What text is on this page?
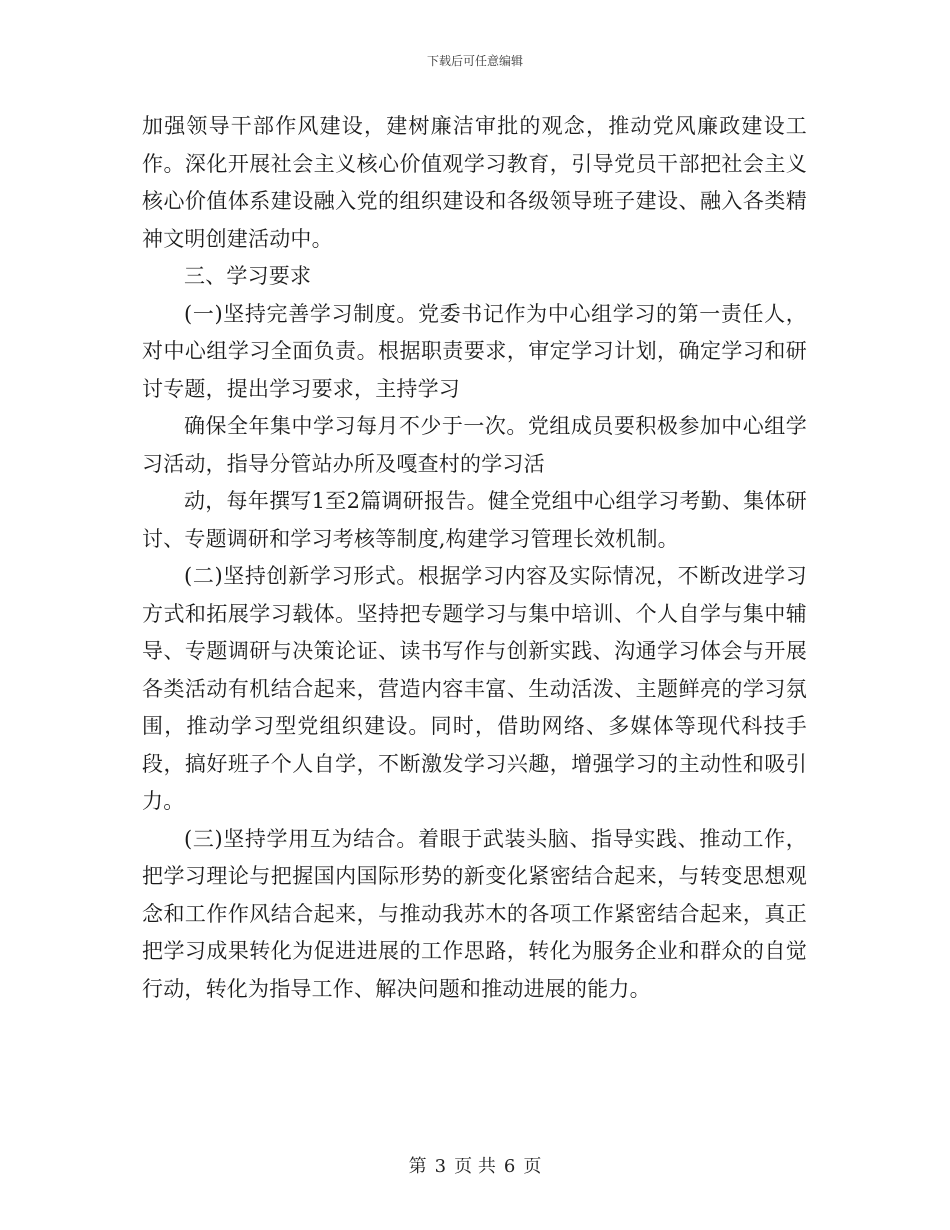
下载后可任意编辑

加强领导干部作风建设，建树廉洁审批的观念，推动党风廉政建设工作。深化开展社会主义核心价值观学习教育，引导党员干部把社会主义核心价值体系建设融入党的组织建设和各级领导班子建设、融入各类精神文明创建活动中。

三、学习要求

(一)坚持完善学习制度。党委书记作为中心组学习的第一责任人，对中心组学习全面负责。根据职责要求，审定学习计划，确定学习和研讨专题，提出学习要求，主持学习

确保全年集中学习每月不少于一次。党组成员要积极参加中心组学习活动，指导分管站办所及嘎查村的学习活

动，每年撰写1至2篇调研报告。健全党组中心组学习考勤、集体研讨、专题调研和学习考核等制度,构建学习管理长效机制。

(二)坚持创新学习形式。根据学习内容及实际情况，不断改进学习方式和拓展学习载体。坚持把专题学习与集中培训、个人自学与集中辅导、专题调研与决策论证、读书写作与创新实践、沟通学习体会与开展各类活动有机结合起来，营造内容丰富、生动活泼、主题鲜亮的学习氛围，推动学习型党组织建设。同时，借助网络、多媒体等现代科技手段，搞好班子个人自学，不断激发学习兴趣，增强学习的主动性和吸引力。

(三)坚持学用互为结合。着眼于武装头脑、指导实践、推动工作，把学习理论与把握国内国际形势的新变化紧密结合起来，与转变思想观念和工作作风结合起来，与推动我苏木的各项工作紧密结合起来，真正把学习成果转化为促进进展的工作思路，转化为服务企业和群众的自觉行动，转化为指导工作、解决问题和推动进展的能力。

第 3 页 共 6 页
